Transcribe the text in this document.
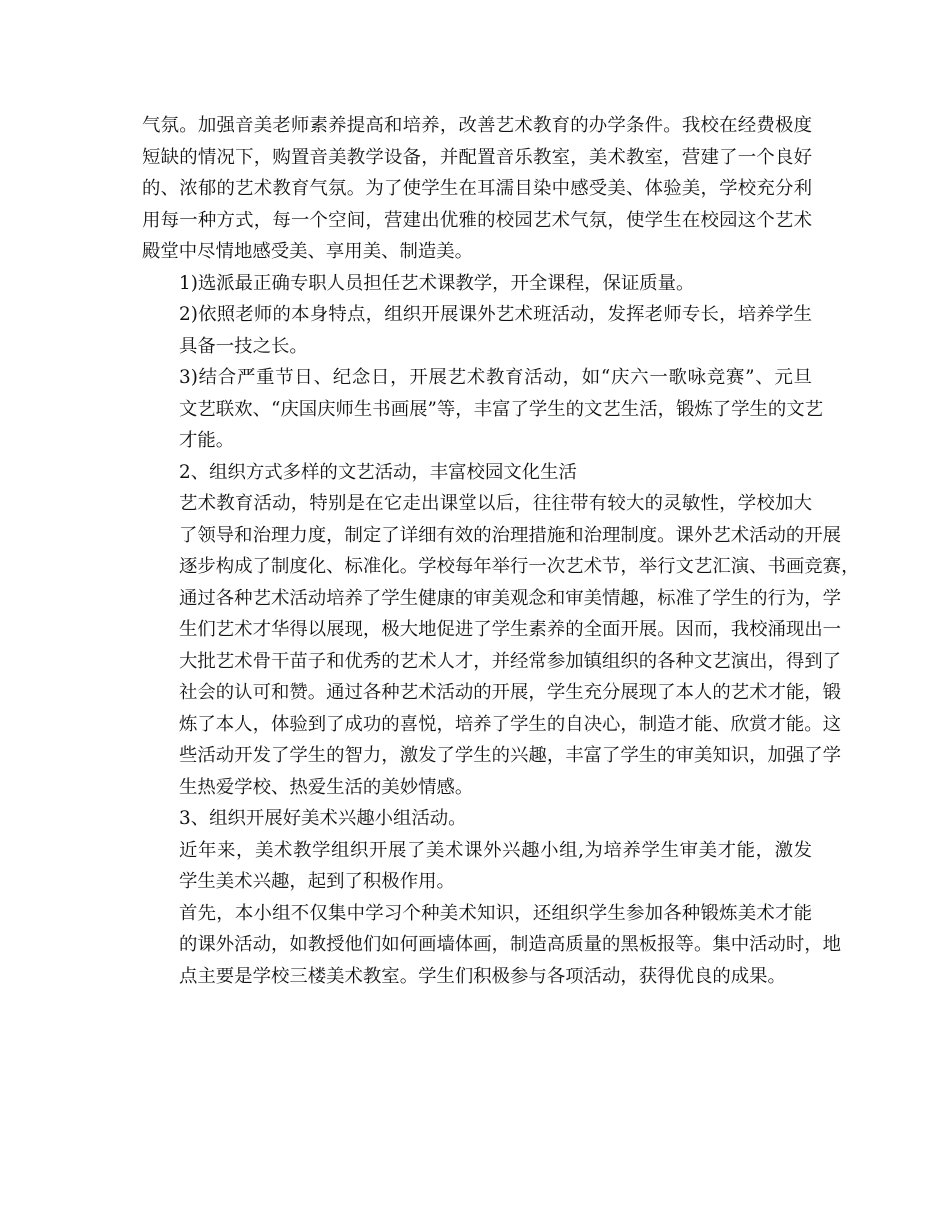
气氛。加强音美老师素养提高和培养，改善艺术教育的办学条件。我校在经费极度
短缺的情况下，购置音美教学设备，并配置音乐教室，美术教室，营建了一个良好
的、浓郁的艺术教育气氛。为了使学生在耳濡目染中感受美、体验美，学校充分利
用每一种方式，每一个空间，营建出优雅的校园艺术气氛，使学生在校园这个艺术
殿堂中尽情地感受美、享用美、制造美。

1)选派最正确专职人员担任艺术课教学，开全课程，保证质量。

2)依照老师的本身特点，组织开展课外艺术班活动，发挥老师专长，培养学生
具备一技之长。

3)结合严重节日、纪念日，开展艺术教育活动，如“庆六一歌咏竞赛”、元旦
文艺联欢、“庆国庆师生书画展”等，丰富了学生的文艺生活，锻炼了学生的文艺
才能。

2、组织方式多样的文艺活动，丰富校园文化生活

艺术教育活动，特别是在它走出课堂以后，往往带有较大的灵敏性，学校加大
了领导和治理力度，制定了详细有效的治理措施和治理制度。课外艺术活动的开展
逐步构成了制度化、标准化。学校每年举行一次艺术节，举行文艺汇演、书画竞赛，
通过各种艺术活动培养了学生健康的审美观念和审美情趣，标准了学生的行为，学
生们艺术才华得以展现，极大地促进了学生素养的全面开展。因而，我校涌现出一
大批艺术骨干苗子和优秀的艺术人才，并经常参加镇组织的各种文艺演出，得到了
社会的认可和赞。通过各种艺术活动的开展，学生充分展现了本人的艺术才能，锻
炼了本人，体验到了成功的喜悦，培养了学生的自决心，制造才能、欣赏才能。这
些活动开发了学生的智力，激发了学生的兴趣，丰富了学生的审美知识，加强了学
生热爱学校、热爱生活的美妙情感。

3、组织开展好美术兴趣小组活动。

近年来，美术教学组织开展了美术课外兴趣小组,为培养学生审美才能，激发
学生美术兴趣，起到了积极作用。

首先，本小组不仅集中学习个种美术知识，还组织学生参加各种锻炼美术才能
的课外活动，如教授他们如何画墙体画，制造高质量的黑板报等。集中活动时，地
点主要是学校三楼美术教室。学生们积极参与各项活动，获得优良的成果。
